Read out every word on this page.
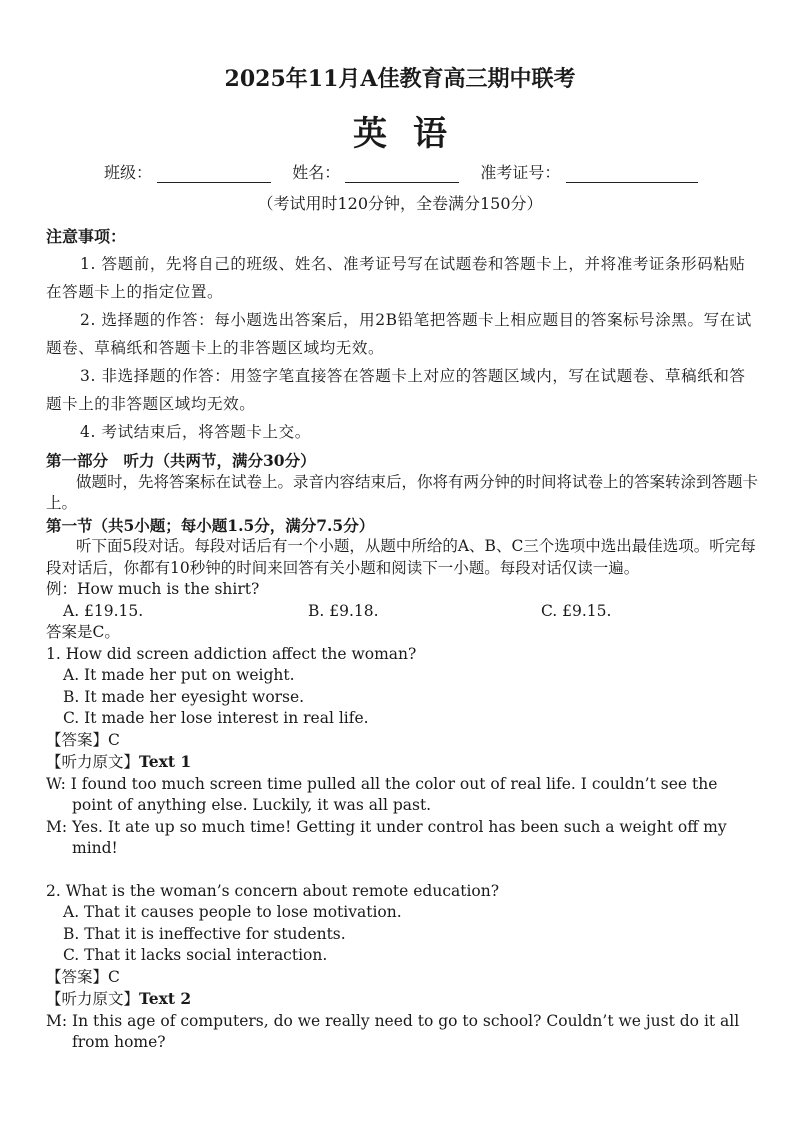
2025年11月A佳教育高三期中联考
英语
班级：	姓名：	准考证号：
（考试用时120分钟，全卷满分150分）
注意事项：

1. 答题前，先将自己的班级、姓名、准考证号写在试题卷和答题卡上，并将准考证条形码粘贴在答题卡上的指定位置。

2. 选择题的作答：每小题选出答案后，用2B铅笔把答题卡上相应题目的答案标号涂黑。写在试题卷、草稿纸和答题卡上的非答题区域均无效。

3. 非选择题的作答：用签字笔直接答在答题卡上对应的答题区域内，写在试题卷、草稿纸和答题卡上的非答题区域均无效。

4. 考试结束后，将答题卡上交。

第一部分　听力（共两节，满分30分）

做题时，先将答案标在试卷上。录音内容结束后，你将有两分钟的时间将试卷上的答案转涂到答题卡上。

第一节（共5小题；每小题1.5分，满分7.5分）

听下面5段对话。每段对话后有一个小题，从题中所给的A、B、C三个选项中选出最佳选项。听完每段对话后，你都有10秒钟的时间来回答有关小题和阅读下一小题。每段对话仅读一遍。

例：How much is the shirt?

A. £19.15.	B. £9.18.	C. £9.15.

答案是C。

1. How did screen addiction affect the woman?

A. It made her put on weight.

B. It made her eyesight worse.

C. It made her lose interest in real life.

【答案】C

【听力原文】Text 1

W: I found too much screen time pulled all the color out of real life. I couldn’t see the point of anything else. Luckily, it was all past.

M: Yes. It ate up so much time! Getting it under control has been such a weight off my mind!

2. What is the woman’s concern about remote education?

A. That it causes people to lose motivation.

B. That it is ineffective for students.

C. That it lacks social interaction.

【答案】C

【听力原文】Text 2

M: In this age of computers, do we really need to go to school? Couldn’t we just do it all from home?
